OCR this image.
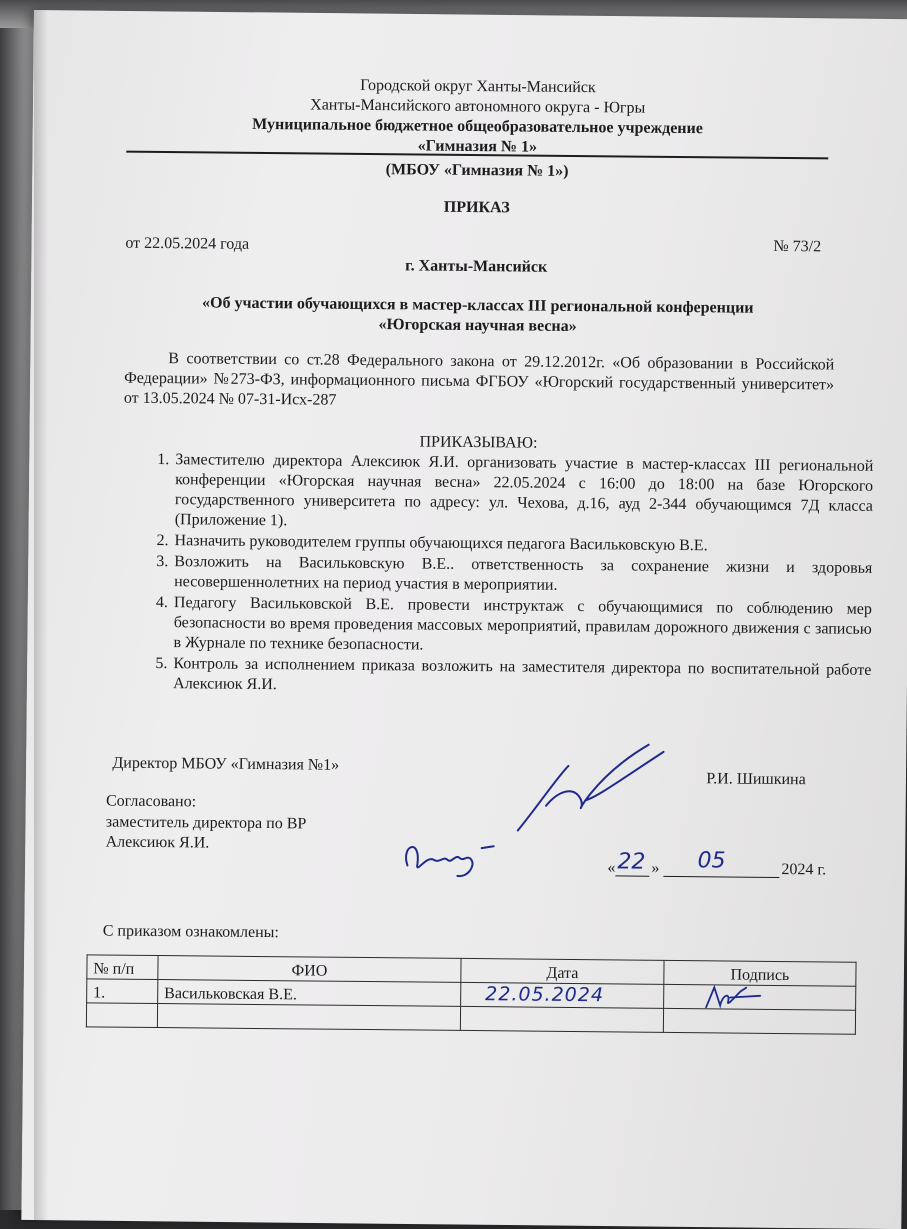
Городской округ Ханты-Мансийск
Ханты-Мансийского автономного округа - Югры
Муниципальное бюджетное общеобразовательное учреждение
«Гимназия № 1»
(МБОУ «Гимназия № 1»)
ПРИКАЗ
от 22.05.2024 года	№ 73/2
г. Ханты-Мансийск
«Об участии обучающихся в мастер-классах III региональной конференции
«Югорская научная весна»
В соответствии со ст.28 Федерального закона от 29.12.2012г. «Об образовании в Российской Федерации» №273-ФЗ, информационного письма ФГБОУ «Югорский государственный университет» от 13.05.2024 № 07-31-Исх-287
ПРИКАЗЫВАЮ:
1. Заместителю директора Алексиюк Я.И. организовать участие в мастер-классах III региональной конференции «Югорская научная весна» 22.05.2024 с 16:00 до 18:00 на базе Югорского государственного университета по адресу: ул. Чехова, д.16, ауд 2-344 обучающимся 7Д класса (Приложение 1).
2. Назначить руководителем группы обучающихся педагога Васильковскую В.Е.
3. Возложить на Васильковскую В.Е.. ответственность за сохранение жизни и здоровья несовершеннолетних на период участия в мероприятии.
4. Педагогу Васильковской В.Е. провести инструктаж с обучающимися по соблюдению мер безопасности во время проведения массовых мероприятий, правилам дорожного движения с записью в Журнале по технике безопасности.
5. Контроль за исполнением приказа возложить на заместителя директора по воспитательной работе Алексиюк Я.И.
Директор МБОУ «Гимназия №1»
Р.И. Шишкина
Согласовано:
заместитель директора по ВР
Алексиюк Я.И.
« 22 » 05	2024 г.
С приказом ознакомлены:
№ п/п	ФИО	Дата	Подпись
1.	Васильковская В.Е.	22.05.2024
